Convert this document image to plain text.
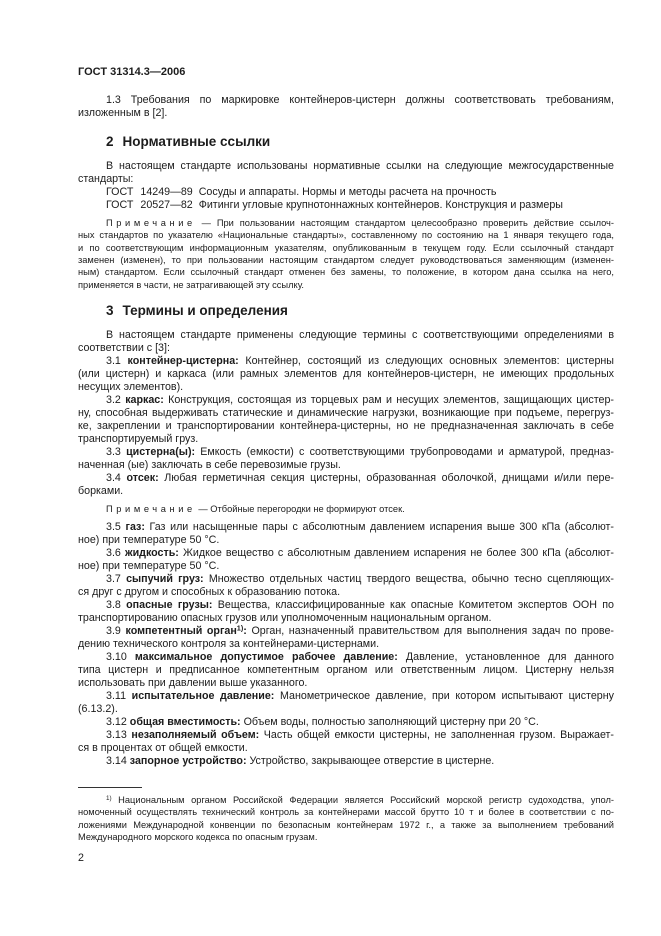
ГОСТ 31314.3—2006
1.3 Требования по маркировке контейнеров-цистерн должны соответствовать требованиям,
изложенным в [2].
2 Нормативные ссылки
В настоящем стандарте использованы нормативные ссылки на следующие межгосударственные
стандарты:
ГОСТ 14249—89 Сосуды и аппараты. Нормы и методы расчета на прочность
ГОСТ 20527—82 Фитинги угловые крупнотоннажных контейнеров. Конструкция и размеры
Примечание — При пользовании настоящим стандартом целесообразно проверить действие ссылоч-
ных стандартов по указателю «Национальные стандарты», составленному по состоянию на 1 января текущего года,
и по соответствующим информационным указателям, опубликованным в текущем году. Если ссылочный стандарт
заменен (изменен), то при пользовании настоящим стандартом следует руководствоваться заменяющим (изменен-
ным) стандартом. Если ссылочный стандарт отменен без замены, то положение, в котором дана ссылка на него,
применяется в части, не затрагивающей эту ссылку.
3 Термины и определения
В настоящем стандарте применены следующие термины с соответствующими определениями в
соответствии с [3]:
3.1 контейнер-цистерна: Контейнер, состоящий из следующих основных элементов: цистерны
(или цистерн) и каркаса (или рамных элементов для контейнеров-цистерн, не имеющих продольных
несущих элементов).
3.2 каркас: Конструкция, состоящая из торцевых рам и несущих элементов, защищающих цистер-
ну, способная выдерживать статические и динамические нагрузки, возникающие при подъеме, перегруз-
ке, закреплении и транспортировании контейнера-цистерны, но не предназначенная заключать в себе
транспортируемый груз.
3.3 цистерна(ы): Емкость (емкости) с соответствующими трубопроводами и арматурой, предназ-
наченная (ые) заключать в себе перевозимые грузы.
3.4 отсек: Любая герметичная секция цистерны, образованная оболочкой, днищами и/или пере-
борками.
Примечание — Отбойные перегородки не формируют отсек.
3.5 газ: Газ или насыщенные пары с абсолютным давлением испарения выше 300 кПа (абсолют-
ное) при температуре 50 °C.
3.6 жидкость: Жидкое вещество с абсолютным давлением испарения не более 300 кПа (абсолют-
ное) при температуре 50 °C.
3.7 сыпучий груз: Множество отдельных частиц твердого вещества, обычно тесно сцепляющих-
ся друг с другом и способных к образованию потока.
3.8 опасные грузы: Вещества, классифицированные как опасные Комитетом экспертов ООН по
транспортированию опасных грузов или уполномоченным национальным органом.
3.9 компетентный орган$^{1)}$: Орган, назначенный правительством для выполнения задач по прове-
дению технического контроля за контейнерами-цистернами.
3.10 максимальное допустимое рабочее давление: Давление, установленное для данного
типа цистерн и предписанное компетентным органом или ответственным лицом. Цистерну нельзя
использовать при давлении выше указанного.
3.11 испытательное давление: Манометрическое давление, при котором испытывают цистерну
(6.13.2).
3.12 общая вместимость: Объем воды, полностью заполняющий цистерну при 20 °C.
3.13 незаполняемый объем: Часть общей емкости цистерны, не заполненная грузом. Выражает-
ся в процентах от общей емкости.
3.14 запорное устройство: Устройство, закрывающее отверстие в цистерне.
$^{1)}$ Национальным органом Российской Федерации является Российский морской регистр судоходства, упол-
номоченный осуществлять технический контроль за контейнерами массой брутто 10 т и более в соответствии с по-
ложениями Международной конвенции по безопасным контейнерам 1972 г., а также за выполнением требований
Международного морского кодекса по опасным грузам.
2
